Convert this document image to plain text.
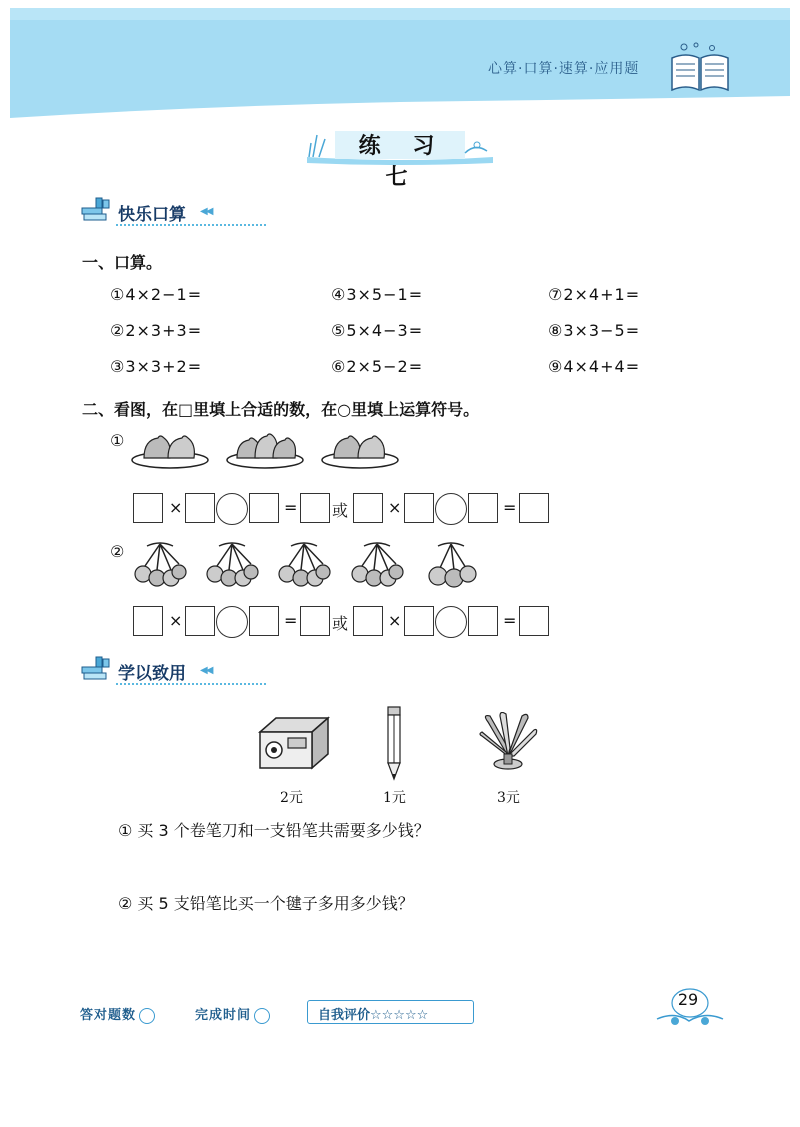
心算·口算·速算·应用题
练 习 七
快乐口算 ◀◀
一、口算。
①4×2−1=	④3×5−1=	⑦2×4+1=
②2×3+3=	⑤5×4−3=	⑧3×3−5=
③3×3+2=	⑥2×5−2=	⑨4×4+4=
二、看图，在□里填上合适的数，在○里填上运算符号。
①
×	= 或 ×	=
②
×	= 或 ×	=
学以致用 ◀◀
2元	1元	3元
① 买 3 个卷笔刀和一支铅笔共需要多少钱？
② 买 5 支铅笔比买一个毽子多用多少钱？
答对题数	完成时间	自我评价☆☆☆☆☆
29
